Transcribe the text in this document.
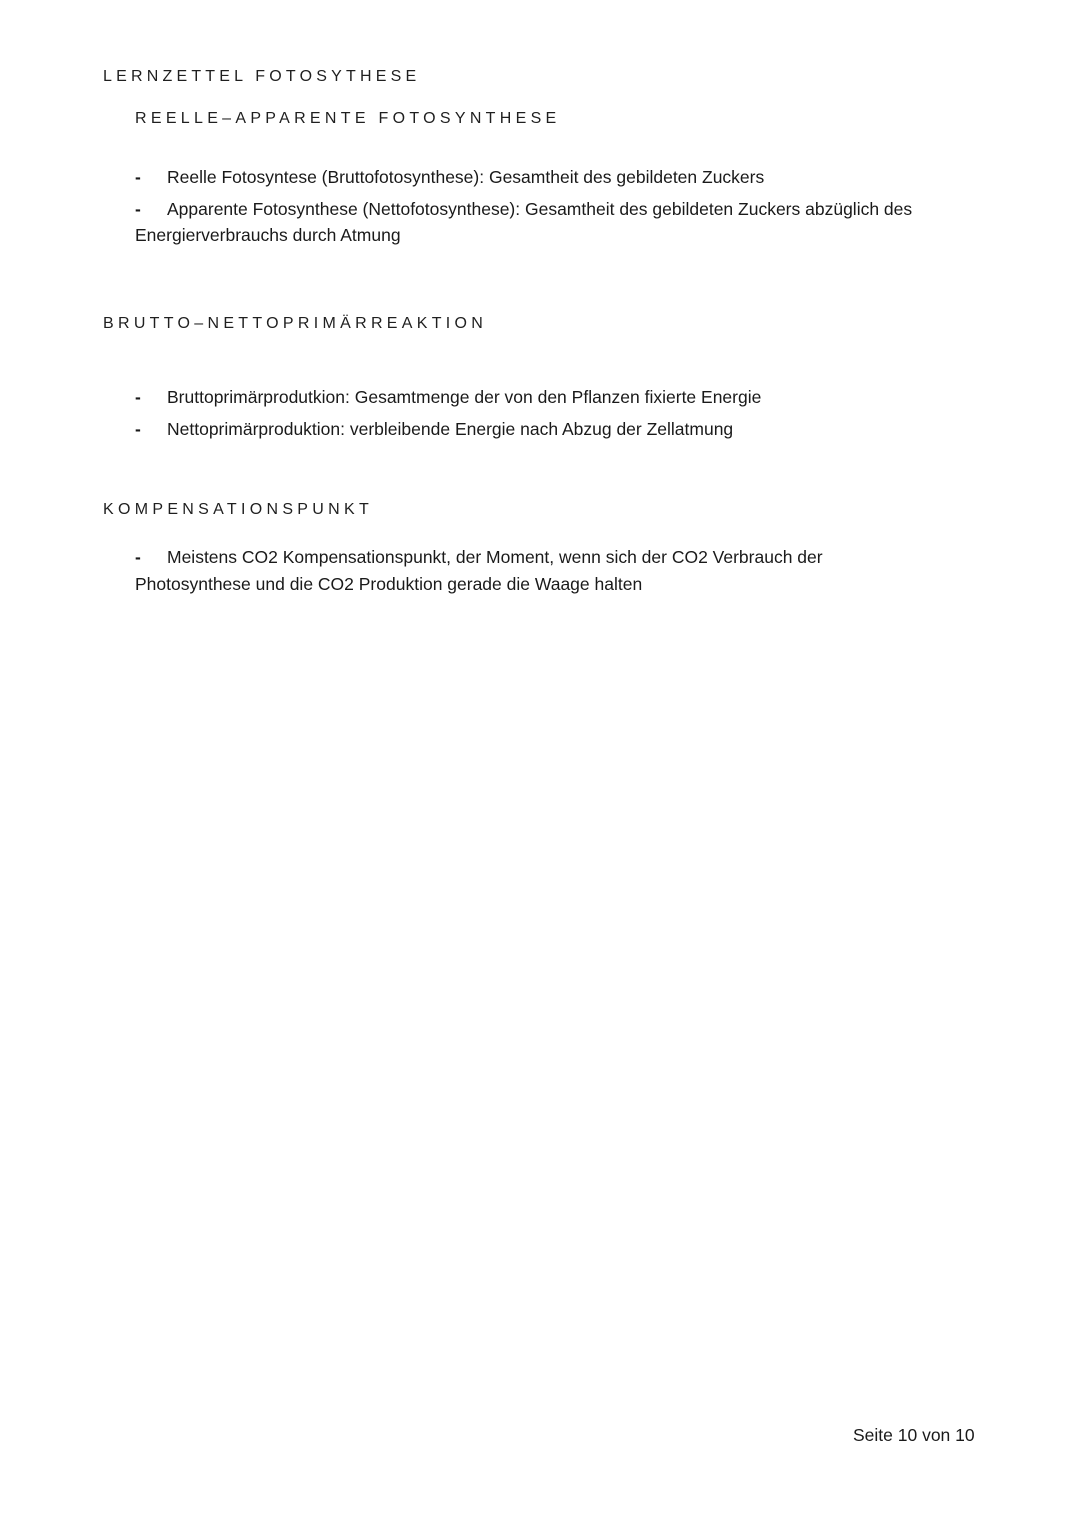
LERNZETTEL FOTOSYTHESE
REELLE–APPARENTE FOTOSYNTHESE
- Reelle Fotosyntese (Bruttofotosynthese): Gesamtheit des gebildeten Zuckers
- Apparente Fotosynthese (Nettofotosynthese): Gesamtheit des gebildeten Zuckers abzüglich des
Energierverbrauchs durch Atmung
BRUTTO–NETTOPRIMÄRREAKTION
- Bruttoprimärprodutkion: Gesamtmenge der von den Pflanzen fixierte Energie
- Nettoprimärproduktion: verbleibende Energie nach Abzug der Zellatmung
KOMPENSATIONSPUNKT
- Meistens CO2 Kompensationspunkt, der Moment, wenn sich der CO2 Verbrauch der
Photosynthese und die CO2 Produktion gerade die Waage halten
Seite 10 von 10
